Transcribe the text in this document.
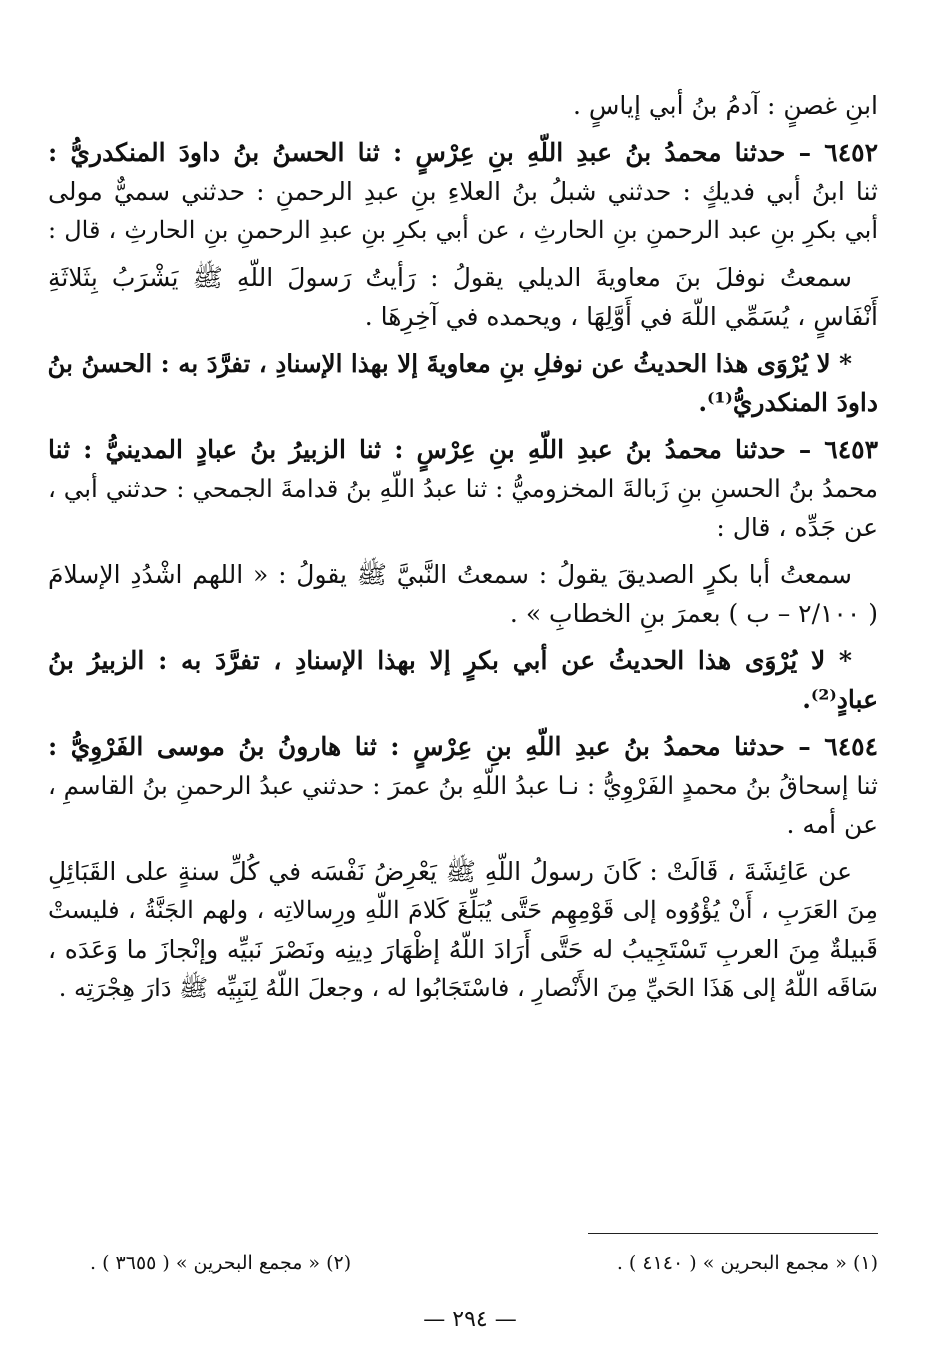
ابنِ غصنٍ : آدمُ بنُ أبي إياسٍ .
٦٤٥٢ – حدثنا محمدُ بنُ عبدِ اللّهِ بنِ عِرْسٍ : ثنا الحسنُ بنُ داودَ المنكدريُّ :
ثنا ابنُ أبي فديكٍ : حدثني شبلُ بنُ العلاءِ بنِ عبدِ الرحمنِ : حدثني سميٌّ مولى
أبي بكرِ بنِ عبد الرحمنِ بنِ الحارثِ ، عن أبي بكرِ بنِ عبدِ الرحمنِ بنِ الحارثِ ، قال :
سمعتُ نوفلَ بنَ معاويةَ الديلي يقولُ : رَأيتُ رَسولَ اللّهِ ﷺ يَشْرَبُ بِثَلاثَةِ
أَنْفَاسٍ ، يُسَمِّي اللّهَ في أَوَّلِهَا ، ويحمده في آخِرِهَا .
* لا يُرْوَى هذا الحديثُ عن نوفلِ بنِ معاويةَ إلا بهذا الإسنادِ ، تفرَّدَ به : الحسنُ بنُ
داودَ المنكدريُّ⁽¹⁾.
٦٤٥٣ – حدثنا محمدُ بنُ عبدِ اللّهِ بنِ عِرْسٍ : ثنا الزبيرُ بنُ عبادٍ المدينيُّ : ثنا
محمدُ بنُ الحسنِ بنِ زَبالةَ المخزوميُّ : ثنا عبدُ اللّهِ بنُ قدامةَ الجمحي : حدثني أبي ،
عن جَدِّه ، قال :
سمعتُ أبا بكرٍ الصديقَ يقولُ : سمعتُ النَّبيَّ ﷺ يقولُ : « اللهم اشْدُدِ الإسلامَ
( ٢/١٠٠ – ب ) بعمرَ بنِ الخطابِ » .
* لا يُرْوَى هذا الحديثُ عن أبي بكرٍ إلا بهذا الإسنادِ ، تفرَّدَ به : الزبيرُ بنُ
عبادٍ⁽²⁾.
٦٤٥٤ – حدثنا محمدُ بنُ عبدِ اللّهِ بنِ عِرْسٍ : ثنا هارونُ بنُ موسى الفَرْوِيُّ :
ثنا إسحاقُ بنُ محمدٍ الفَرْوِيُّ : نـا عبدُ اللّهِ بنُ عمرَ : حدثني عبدُ الرحمنِ بنُ القاسمِ ،
عن أمه .
عن عَائِشَةَ ، قَالَتْ : كَانَ رسولُ اللّهِ ﷺ يَعْرِضُ نَفْسَه في كُلِّ سنةٍ على القَبَائِلِ
مِنَ العَرَبِ ، أَنْ يُؤْوُوه إلى قَوْمِهِم حَتَّى يُبَلِّغَ كَلامَ اللّهِ ورِسالاتِه ، ولهم الجَنَّةُ ، فليستْ
قَبيلةٌ مِنَ العربِ تَسْتَجِيبُ له حَتَّى أَرَادَ اللّهُ إظْهَارَ دِينِه ونَصْرَ نَبيِّه وإنْجازَ ما وَعَدَه ،
سَاقَه اللّهُ إلى هَذَا الحَيِّ مِنَ الأَنْصارِ ، فاسْتَجَابُوا له ، وجعلَ اللّهُ لِنَبِيِّه ﷺ دَارَ هِجْرَتِه .
(١) « مجمع البحرين » ( ٤١٤٠ ) .
(٢) « مجمع البحرين » ( ٣٦٥٥ ) .
— ٢٩٤ —
